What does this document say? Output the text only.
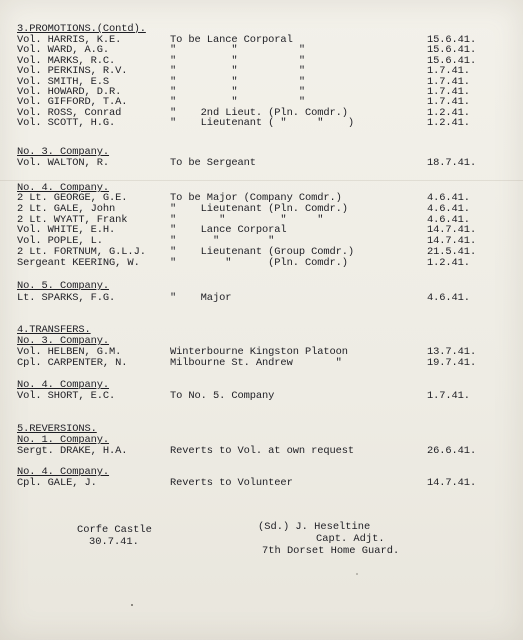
3.PROMOTIONS.(Contd).
Vol. HARRIS, K.E.	To be Lance Corporal	15.6.41.
Vol. WARD, A.G.	"         "          "	15.6.41.
Vol. MARKS, R.C.	"         "          "	15.6.41.
Vol. PERKINS, R.V.	"         "          "	1.7.41.
Vol. SMITH, E.S	"         "          "	1.7.41.
Vol. HOWARD, D.R.	"         "          "	1.7.41.
Vol. GIFFORD, T.A.	"         "          "	1.7.41.
Vol. ROSS, Conrad	"    2nd Lieut. (Pln. Comdr.)	1.2.41.
Vol. SCOTT, H.G.	"    Lieutenant ( "     "    )	1.2.41.
No. 3. Company.
Vol. WALTON, R.	To be Sergeant	18.7.41.
No. 4. Company.
2 Lt. GEORGE, G.E.	To be Major (Company Comdr.)	4.6.41.
2 Lt. GALE, John	"    Lieutenant (Pln. Comdr.)	4.6.41.
2 Lt. WYATT, Frank	"       "         "     "	4.6.41.
Vol. WHITE, E.H.	"    Lance Corporal	14.7.41.
Vol. POPLE, L.	"      "        "	14.7.41.
2 Lt. FORTNUM, G.L.J. "    Lieutenant (Group Comdr.)	21.5.41.
Sergeant KEERING, W.	"        "      (Pln. Comdr.)	1.2.41.
No. 5. Company.
Lt. SPARKS, F.G.	"    Major	4.6.41.
4.TRANSFERS.
No. 3. Company.
Vol. HELBEN, G.M.	Winterbourne Kingston Platoon	13.7.41.
Cpl. CARPENTER, N.	Milbourne St. Andrew       "	19.7.41.
No. 4. Company.
Vol. SHORT, E.C.	To No. 5. Company	1.7.41.
5.REVERSIONS.
No. 1. Company.
Sergt. DRAKE, H.A.	Reverts to Vol. at own request	26.6.41.
No. 4. Company.
Cpl. GALE, J.	Reverts to Volunteer	14.7.41.
Corfe Castle
30.7.41.
(Sd.) J. Heseltine
Capt. Adjt.
7th Dorset Home Guard.
